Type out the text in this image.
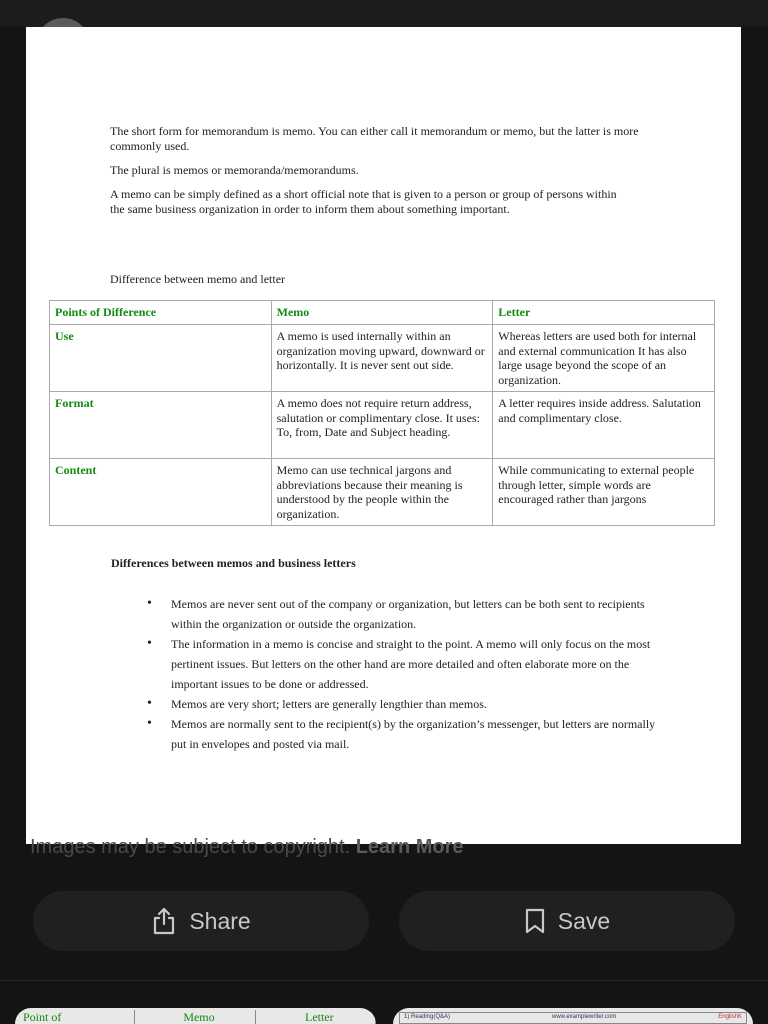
The short form for memorandum is memo. You can either call it memorandum or memo, but the latter is more commonly used.

The plural is memos or memoranda/memorandums.

A memo can be simply defined as a short official note that is given to a person or group of persons within the same business organization in order to inform them about something important.

Difference between memo and letter

Points of Difference	Memo	Letter
Use	A memo is used internally within an organization moving upward, downward or horizontally. It is never sent out side.	Whereas letters are used both for internal and external communication It has also large usage beyond the scope of an organization.
Format	A memo does not require return address, salutation or complimentary close. It uses: To, from, Date and Subject heading.	A letter requires inside address. Salutation and complimentary close.
Content	Memo can use technical jargons and abbreviations because their meaning is understood by the people within the organization.	While communicating to external people through letter, simple words are encouraged rather than jargons

Differences between memos and business letters

• Memos are never sent out of the company or organization, but letters can be both sent to recipients within the organization or outside the organization.
• The information in a memo is concise and straight to the point. A memo will only focus on the most pertinent issues. But letters on the other hand are more detailed and often elaborate more on the important issues to be done or addressed.
• Memos are very short; letters are generally lengthier than memos.
• Memos are normally sent to the recipient(s) by the organization’s messenger, but letters are normally put in envelopes and posted via mail.
Images may be subject to copyright. Learn More
Share	Save
Point of	Memo	Letter	1) Reading(Q&A)	www.examplewriter.com	EnglishK
